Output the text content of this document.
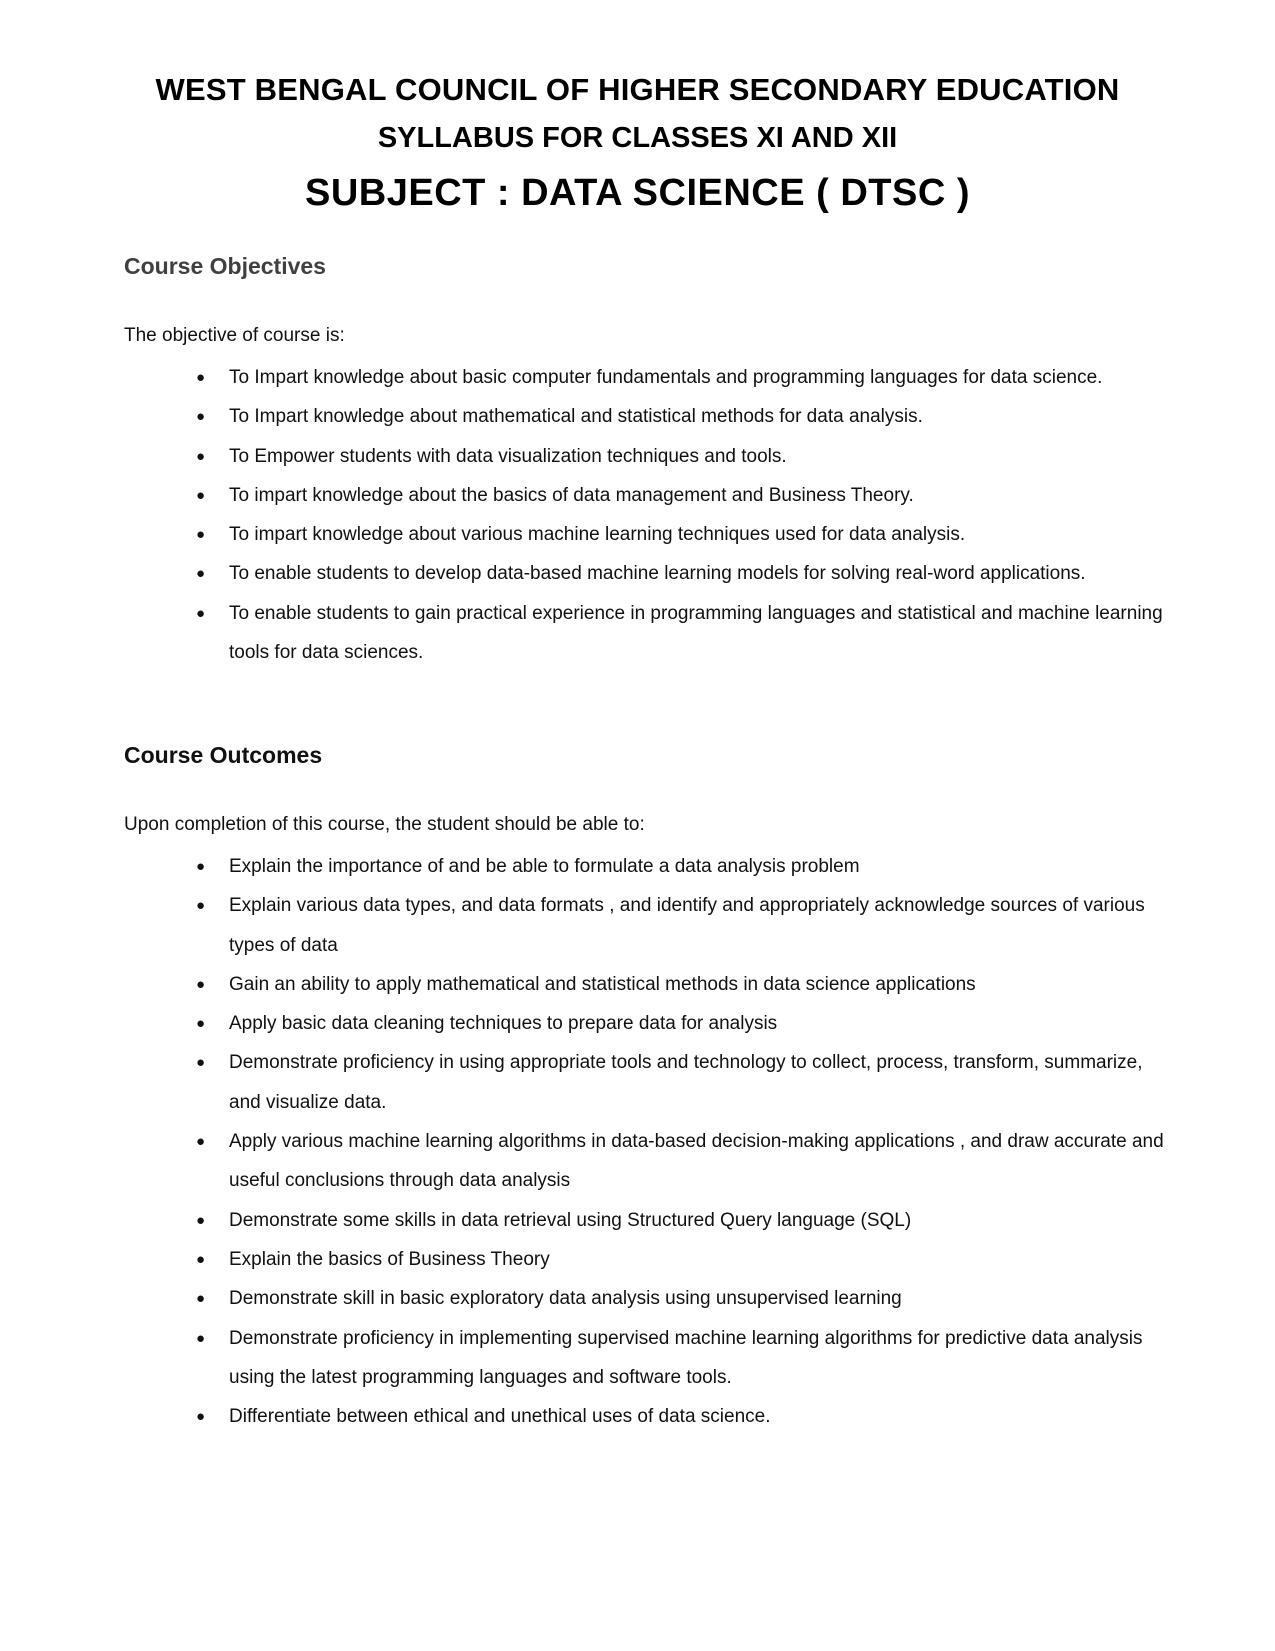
WEST BENGAL COUNCIL OF HIGHER SECONDARY EDUCATION
SYLLABUS FOR CLASSES XI AND XII
SUBJECT : DATA SCIENCE ( DTSC )
Course Objectives
The objective of course is:
● To Impart knowledge about basic computer fundamentals and programming languages for data science.
● To Impart knowledge about mathematical and statistical methods for data analysis.
● To Empower students with data visualization techniques and tools.
● To impart knowledge about the basics of data management and Business Theory.
● To impart knowledge about various machine learning techniques used for data analysis.
● To enable students to develop data-based machine learning models for solving real-word applications.
● To enable students to gain practical experience in programming languages and statistical and machine learning tools for data sciences.
Course Outcomes
Upon completion of this course, the student should be able to:
● Explain the importance of and be able to formulate a data analysis problem
● Explain various data types, and data formats , and identify and appropriately acknowledge sources of various types of data
● Gain an ability to apply mathematical and statistical methods in data science applications
● Apply basic data cleaning techniques to prepare data for analysis
● Demonstrate proficiency in using appropriate tools and technology to collect, process, transform, summarize, and visualize data.
● Apply various machine learning algorithms in data-based decision-making applications , and draw accurate and useful conclusions through data analysis
● Demonstrate some skills in data retrieval using Structured Query language (SQL)
● Explain the basics of Business Theory
● Demonstrate skill in basic exploratory data analysis using unsupervised learning
● Demonstrate proficiency in implementing supervised machine learning algorithms for predictive data analysis using the latest programming languages and software tools.
● Differentiate between ethical and unethical uses of data science.
